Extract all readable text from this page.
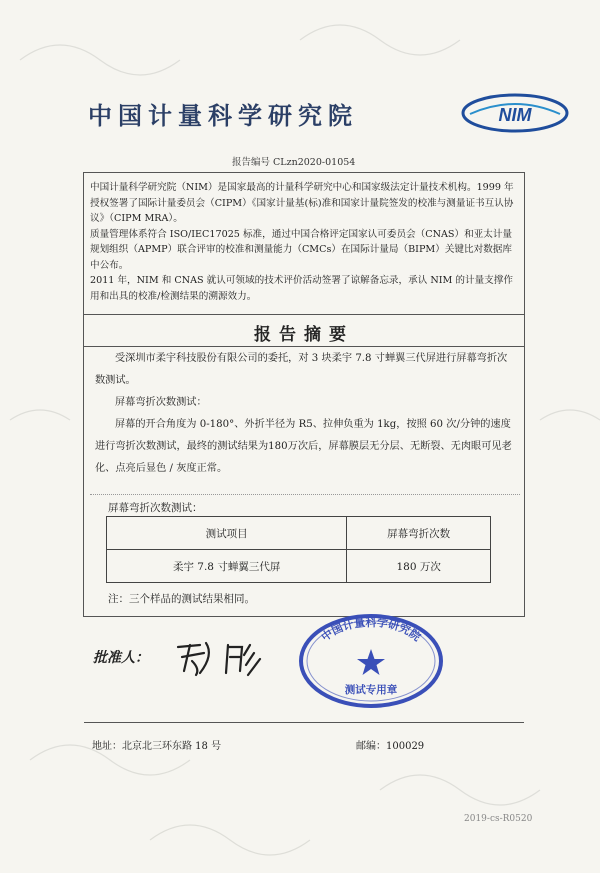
中国计量科学研究院	NIM
报告编号 CLzn2020-01054

中国计量科学研究院（NIM）是国家最高的计量科学研究中心和国家级法定计量技术机构。1999 年授权签署了国际计量委员会（CIPM）《国家计量基(标)准和国家计量院签发的校准与测量证书互认协议》（CIPM MRA）。

质量管理体系符合 ISO/IEC17025 标准，通过中国合格评定国家认可委员会（CNAS）和亚太计量规划组织（APMP）联合评审的校准和测量能力（CMCs）在国际计量局（BIPM）关键比对数据库中公布。

2011 年，NIM 和 CNAS 就认可领域的技术评价活动签署了谅解备忘录，承认 NIM 的计量支撑作用和出具的校准/检测结果的溯源效力。

报告摘要

受深圳市柔宇科技股份有限公司的委托，对 3 块柔宇 7.8 寸蝉翼三代屏进行屏幕弯折次数测试。

屏幕弯折次数测试：

屏幕的开合角度为 0-180°、外折半径为 R5、拉伸负重为 1kg，按照 60 次/分钟的速度进行弯折次数测试，最终的测试结果为180万次后，屏幕膜层无分层、无断裂、无肉眼可见老化、点亮后显色 / 灰度正常。

屏幕弯折次数测试：
测试项目	屏幕弯折次数
柔宇 7.8 寸蝉翼三代屏	180 万次
注：三个样品的测试结果相同。
批准人：
中国计量科学研究院
测试专用章
地址：北京北三环东路 18 号	邮编：100029
2019-cs-R0520
